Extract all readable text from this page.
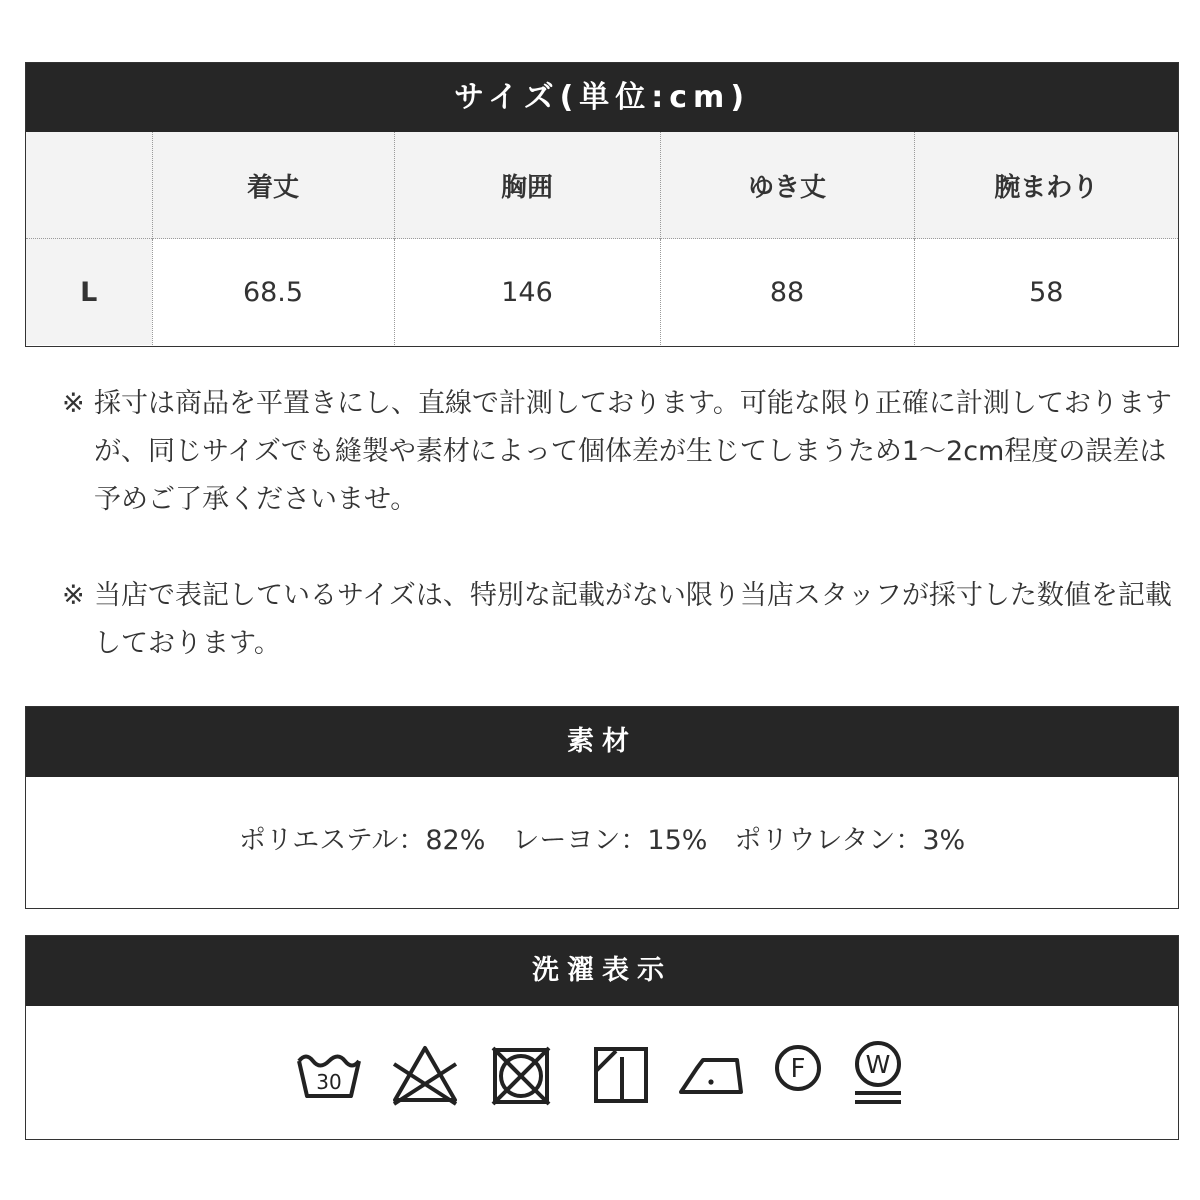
サイズ(単位:cm)
	着丈	胸囲	ゆき丈	腕まわり
L	68.5	146	88	58
※ 採寸は商品を平置きにし、直線で計測しております。可能な限り正確に計測しておりますが、同じサイズでも縫製や素材によって個体差が生じてしまうため1〜2cm程度の誤差は予めご了承くださいませ。
※ 当店で表記しているサイズは、特別な記載がない限り当店スタッフが採寸した数値を記載しております。
素材
ポリエステル：82%　レーヨン：15%　ポリウレタン：3%
洗濯表示
30	F W
